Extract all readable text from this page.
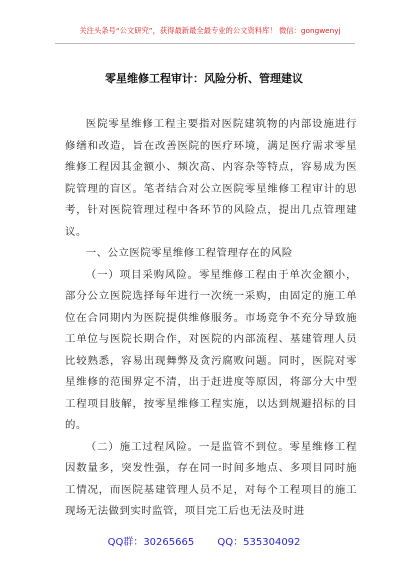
关注头条号“公文研究”，获得最新最全最专业的公文资料库！ 微信：gongwenyj
零星维修工程审计：风险分析、管理建议

医院零星维修工程主要指对医院建筑物的内部设施进行修缮和改造，旨在改善医院的医疗环境，满足医疗需求零星维修工程因其金额小、频次高、内容杂等特点，容易成为医院管理的盲区。笔者结合对公立医院零星维修工程审计的思考，针对医院管理过程中各环节的风险点，提出几点管理建议。

一、公立医院零星维修工程管理存在的风险

（一）项目采购风险。零星维修工程由于单次金额小，部分公立医院选择每年进行一次统一采购，由固定的施工单位在合同期内为医院提供维修服务。市场竞争不充分导致施工单位与医院长期合作，对医院的内部流程、基建管理人员比较熟悉，容易出现舞弊及贪污腐败问题。同时，医院对零星维修的范围界定不清，出于赶进度等原因，将部分大中型工程项目肢解，按零星维修工程实施，以达到规避招标的目的。

（二）施工过程风险。一是监管不到位。零星维修工程因数量多，突发性强，存在同一时间多地点、多项目同时施工情况，而医院基建管理人员不足，对每个工程项目的施工现场无法做到实时监管，项目完工后也无法及时进

QQ群：30265665 QQ：535304092
